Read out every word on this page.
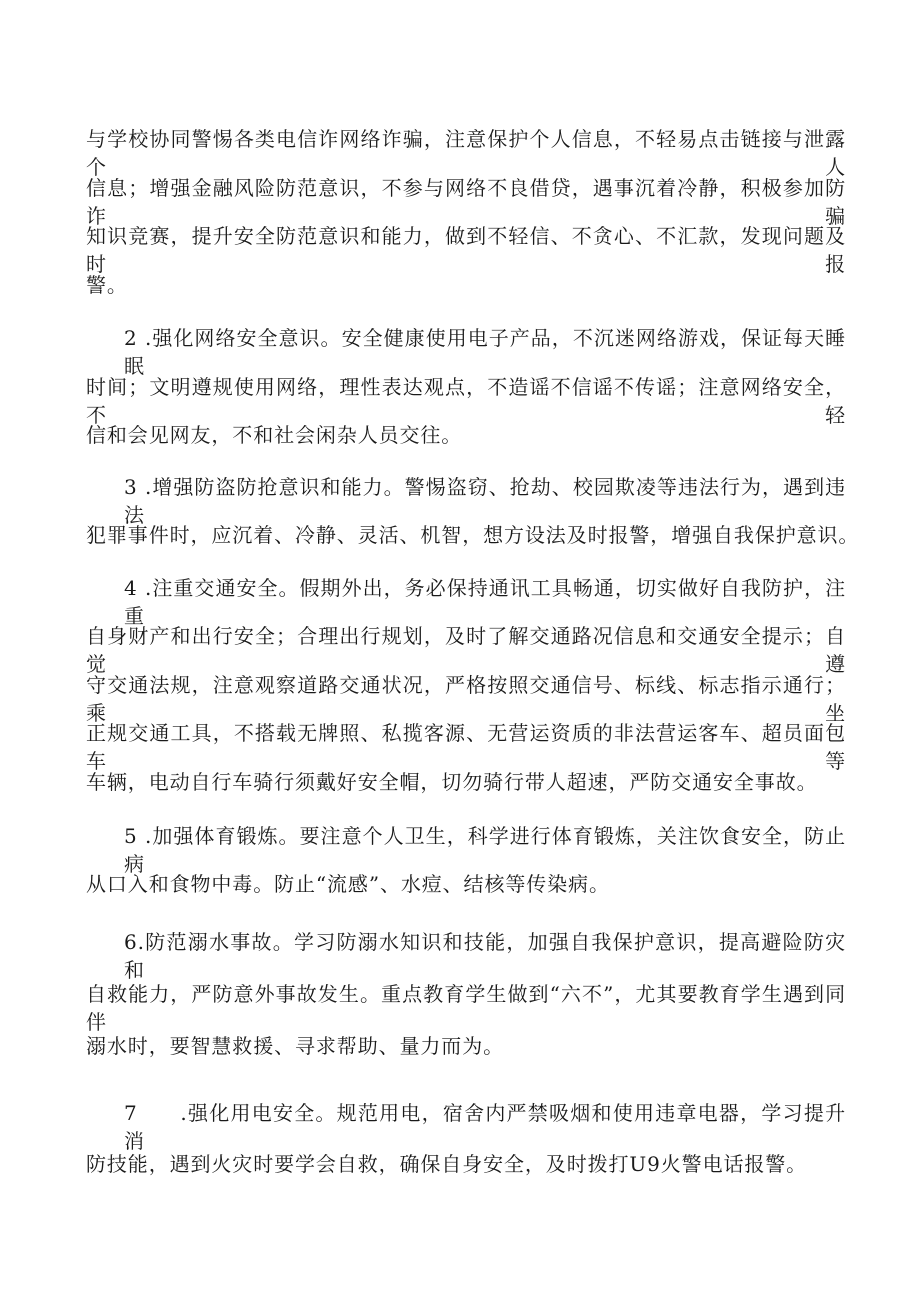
与学校协同警惕各类电信诈网络诈骗，注意保护个人信息，不轻易点击链接与泄露个人
信息；增强金融风险防范意识，不参与网络不良借贷，遇事沉着冷静，积极参加防诈骗
知识竞赛，提升安全防范意识和能力，做到不轻信、不贪心、不汇款，发现问题及时报
警。
2 .强化网络安全意识。安全健康使用电子产品，不沉迷网络游戏，保证每天睡眠
时间；文明遵规使用网络，理性表达观点，不造谣不信谣不传谣；注意网络安全，不轻
信和会见网友，不和社会闲杂人员交往。
3 .增强防盗防抢意识和能力。警惕盗窃、抢劫、校园欺凌等违法行为，遇到违法
犯罪事件时，应沉着、冷静、灵活、机智，想方设法及时报警，增强自我保护意识。
4 .注重交通安全。假期外出，务必保持通讯工具畅通，切实做好自我防护，注重
自身财产和出行安全；合理出行规划，及时了解交通路况信息和交通安全提示；自觉遵
守交通法规，注意观察道路交通状况，严格按照交通信号、标线、标志指示通行；乘坐
正规交通工具，不搭载无牌照、私揽客源、无营运资质的非法营运客车、超员面包车等
车辆，电动自行车骑行须戴好安全帽，切勿骑行带人超速，严防交通安全事故。
5 .加强体育锻炼。要注意个人卫生，科学进行体育锻炼，关注饮食安全，防止病
从口入和食物中毒。防止“流感”、水痘、结核等传染病。
6.防范溺水事故。学习防溺水知识和技能，加强自我保护意识，提高避险防灾和
自救能力，严防意外事故发生。重点教育学生做到“六不”，尤其要教育学生遇到同伴
溺水时，要智慧救援、寻求帮助、量力而为。
7　　.强化用电安全。规范用电，宿舍内严禁吸烟和使用违章电器，学习提升消
防技能，遇到火灾时要学会自救，确保自身安全，及时拨打U9火警电话报警。
